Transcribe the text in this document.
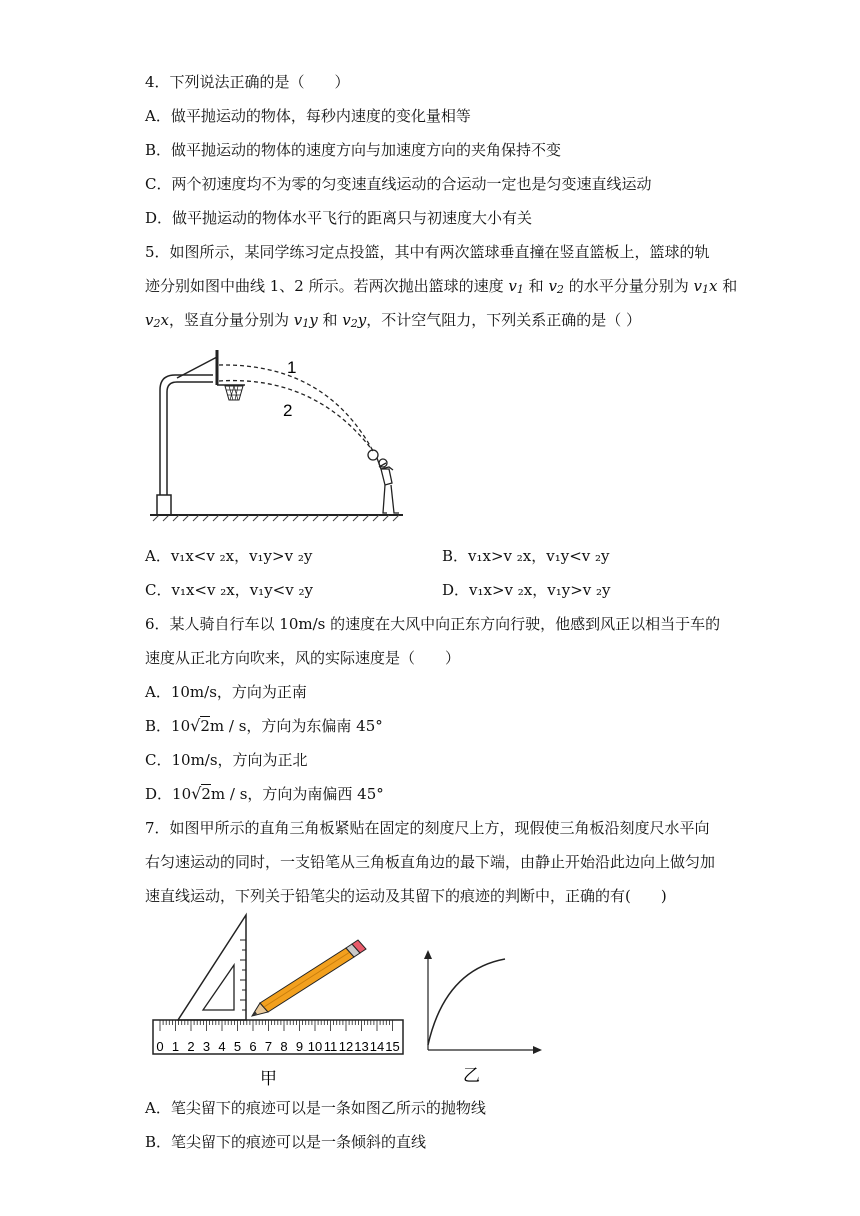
4．下列说法正确的是（　　）
A．做平抛运动的物体，每秒内速度的变化量相等
B．做平抛运动的物体的速度方向与加速度方向的夹角保持不变
C．两个初速度均不为零的匀变速直线运动的合运动一定也是匀变速直线运动
D．做平抛运动的物体水平飞行的距离只与初速度大小有关
5．如图所示，某同学练习定点投篮，其中有两次篮球垂直撞在竖直篮板上，篮球的轨
迹分别如图中曲线 1、2 所示。若两次抛出篮球的速度 v1 和 v2 的水平分量分别为 v1x 和
v2x，竖直分量分别为 v1y 和 v2y，不计空气阻力，下列关系正确的是（ ）
1
2
A．v₁x<v ₂x，v₁y>v ₂y	B．v₁x>v ₂x，v₁y<v ₂y
C．v₁x<v ₂x，v₁y<v ₂y	D．v₁x>v ₂x，v₁y>v ₂y
6．某人骑自行车以 10m/s 的速度在大风中向正东方向行驶，他感到风正以相当于车的
速度从正北方向吹来，风的实际速度是（　　）
A．10m/s，方向为正南
B．10√2m / s，方向为东偏南 45°
C．10m/s，方向为正北
D．10√2m / s，方向为南偏西 45°
7．如图甲所示的直角三角板紧贴在固定的刻度尺上方，现假使三角板沿刻度尺水平向
右匀速运动的同时，一支铅笔从三角板直角边的最下端，由静止开始沿此边向上做匀加
速直线运动，下列关于铅笔尖的运动及其留下的痕迹的判断中，正确的有(　　)
0 1 2 3 4 5 6 7 8 9 10 11 12 13 14 15
甲	乙
A．笔尖留下的痕迹可以是一条如图乙所示的抛物线
B．笔尖留下的痕迹可以是一条倾斜的直线
